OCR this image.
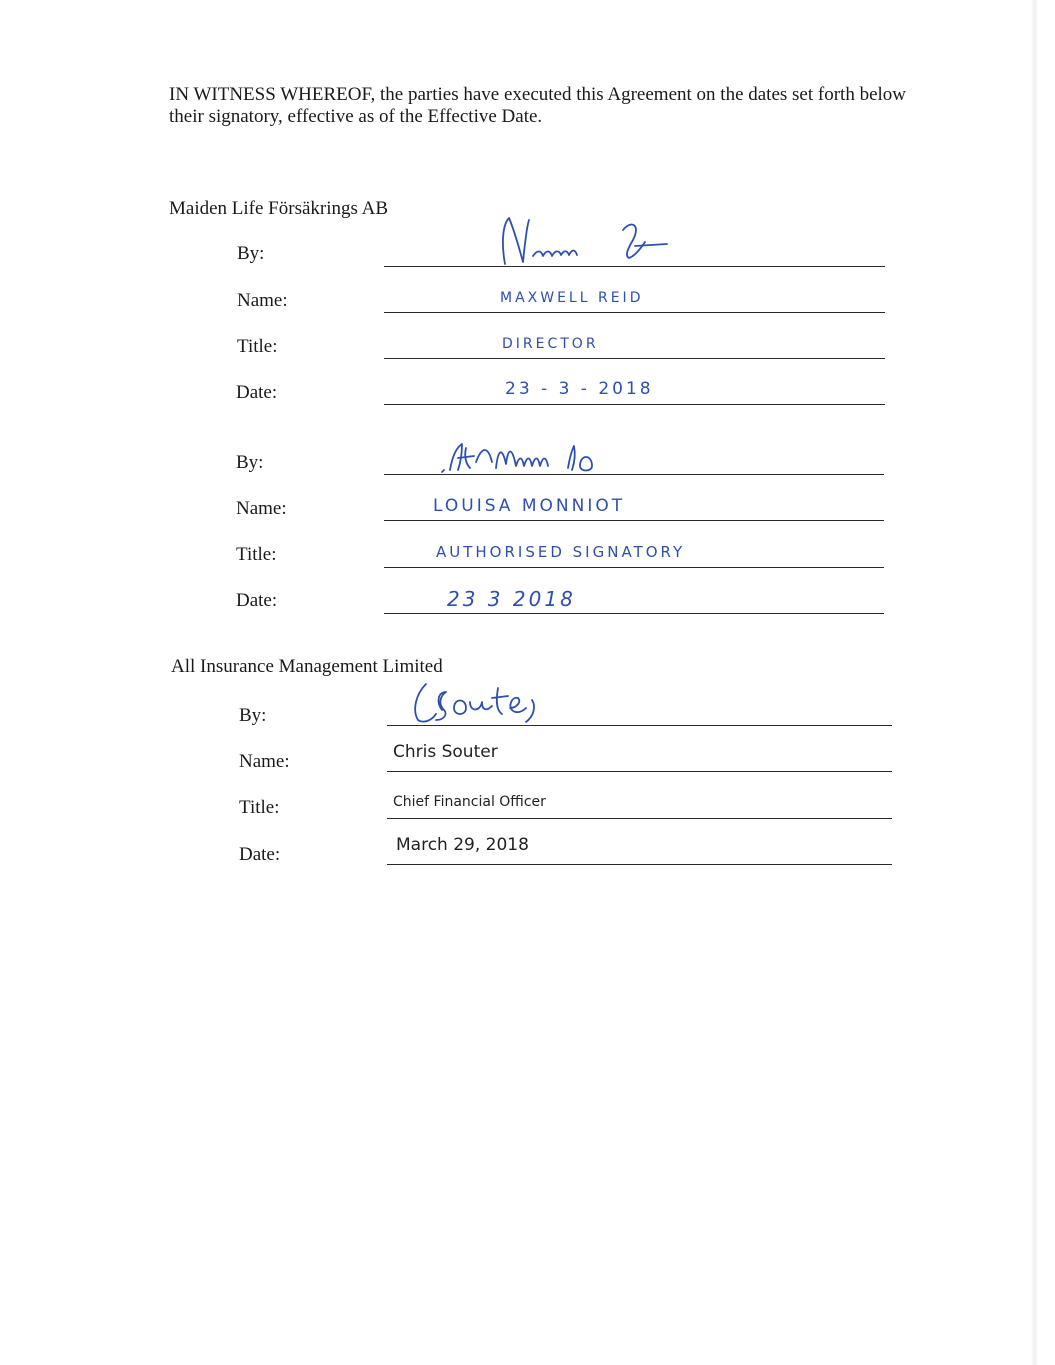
IN WITNESS WHEREOF, the parties have executed this Agreement on the dates set forth below their signatory, effective as of the Effective Date.
Maiden Life Försäkrings AB
By:
Name:	MAXWELL REID
Title:	DIRECTOR
Date:	23 - 3 - 2018
By:
Name:	LOUISA MONNIOT
Title:	AUTHORISED SIGNATORY
Date:	23 3 2018
All Insurance Management Limited
By:
Name:	Chris Souter
Title:	Chief Financial Officer
Date:	March 29, 2018
